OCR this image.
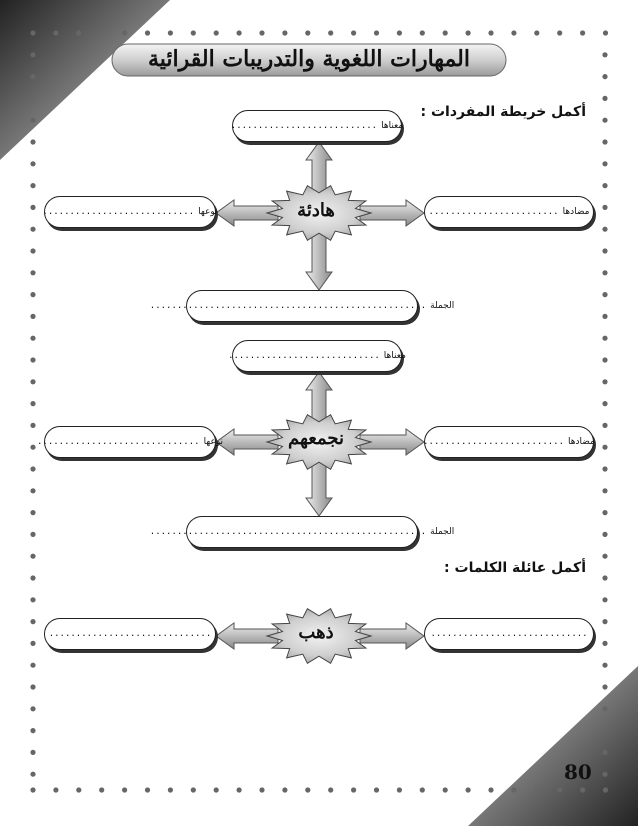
المهارات اللغوية والتدريبات القرائية
أكمل خريطة المفردات :
أكمل عائلة الكلمات :
معناها
...........................
مضادها
........................
نوعها
............................
الجملة
...................................................
هادئة
معناها
............................
مضادها
..........................
نوعها
..............................
الجملة
...................................................
نجمعهم
..............................	.............................
ذهب
80
